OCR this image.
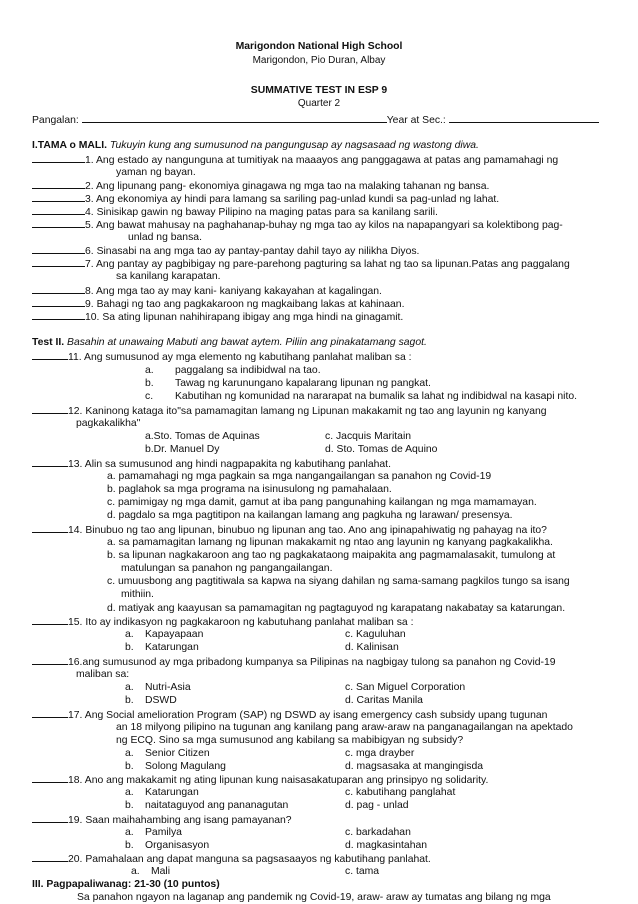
Marigondon National High School
Marigondon, Pio Duran, Albay
SUMMATIVE TEST IN ESP 9
Quarter 2
Pangalan:	Year at Sec.:
I.TAMA o MALI. Tukuyin kung ang sumusunod na pangungusap ay nagsasaad ng wastong diwa.
1. Ang estado ay nangunguna at tumitiyak na maaayos ang panggagawa at patas ang pamamahagi ng
yaman ng bayan.
2. Ang lipunang pang- ekonomiya ginagawa ng mga tao na malaking tahanan ng bansa.
3. Ang ekonomiya ay hindi para lamang sa sariling pag-unlad kundi sa pag-unlad ng lahat.
4. Sinisikap gawin ng baway Pilipino na maging patas para sa kanilang sarili.
5. Ang bawat mahusay na paghahanap-buhay ng mga tao ay kilos na napapangyari sa kolektibong pag-
unlad ng bansa.
6. Sinasabi na ang mga tao ay pantay-pantay dahil tayo ay nilikha Diyos.
7. Ang pantay ay pagbibigay ng pare-parehong pagturing sa lahat ng tao sa lipunan.Patas ang paggalang
sa kanilang karapatan.
8. Ang mga tao ay may kani- kaniyang kakayahan at kagalingan.
9. Bahagi ng tao ang pagkakaroon ng magkaibang lakas at kahinaan.
10. Sa ating lipunan nahihirapang ibigay ang mga hindi na ginagamit.
Test II. Basahin at unawaing Mabuti ang bawat aytem. Piliin ang pinakatamang sagot.
11. Ang sumusunod ay mga elemento ng kabutihang panlahat maliban sa :
a. paggalang sa indibidwal na tao.
b. Tawag ng karunungano kapalarang lipunan ng pangkat.
c. Kabutihan ng komunidad na nararapat na bumalik sa lahat ng indibidwal na kasapi nito.
12. Kaninong kataga ito"sa pamamagitan lamang ng Lipunan makakamit ng tao ang layunin ng kanyang
pagkakalikha"
a.Sto. Tomas de Aquinas	c. Jacquis Maritain
b.Dr. Manuel Dy	d. Sto. Tomas de Aquino
13. Alin sa sumusunod ang hindi nagpapakita ng kabutihang panlahat.
a. pamamahagi ng mga pagkain sa mga nangangailangan sa panahon ng Covid-19
b. paglahok sa mga programa na isinusulong ng pamahalaan.
c. pamimigay ng mga damit, gamut at iba pang pangunahing kailangan ng mga mamamayan.
d. pagdalo sa mga pagtitipon na kailangan lamang ang pagkuha ng larawan/ presensya.
14. Binubuo ng tao ang lipunan, binubuo ng lipunan ang tao. Ano ang ipinapahiwatig ng pahayag na ito?
a. sa pamamagitan lamang ng lipunan makakamit ng ntao ang layunin ng kanyang pagkakalikha.
b. sa lipunan nagkakaroon ang tao ng pagkakataong maipakita ang pagmamalasakit, tumulong at
matulungan sa panahon ng pangangailangan.
c. umuusbong ang pagtitiwala sa kapwa na siyang dahilan ng sama-samang pagkilos tungo sa isang
mithiin.
d. matiyak ang kaayusan sa pamamagitan ng pagtaguyod ng karapatang nakabatay sa katarungan.
15. Ito ay indikasyon ng pagkakaroon ng kabutuhang panlahat maliban sa :
a. Kapayapaan	c. Kaguluhan
b. Katarungan	d. Kalinisan
16.ang sumusunod ay mga pribadong kumpanya sa Pilipinas na nagbigay tulong sa panahon ng Covid-19
maliban sa:
a. Nutri-Asia	c. San Miguel Corporation
b. DSWD	d. Caritas Manila
17. Ang Social amelioration Program (SAP) ng DSWD ay isang emergency cash subsidy upang tugunan
an 18 milyong pilipino na tugunan ang kanilang pang araw-araw na panganagailangan na apektado
ng ECQ. Sino sa mga sumusunod ang kabilang sa mabibigyan ng subsidy?
a. Senior Citizen	c. mga drayber
b. Solong Magulang	d. magsasaka at mangingisda
18. Ano ang makakamit ng ating lipunan kung naisasakatuparan ang prinsipyo ng solidarity.
a. Katarungan	c. kabutihang panglahat
b. naitataguyod ang pananagutan	d. pag - unlad
19. Saan maihahambing ang isang pamayanan?
a. Pamilya	c. barkadahan
b. Organisasyon	d. magkasintahan
20. Pamahalaan ang dapat manguna sa pagsasaayos ng kabutihang panlahat.
a. Mali	c. tama
III. Pagpapaliwanag: 21-30 (10 puntos)
Sa panahon ngayon na laganap ang pandemik ng Covid-19, araw- araw ay tumatas ang bilang ng mga
